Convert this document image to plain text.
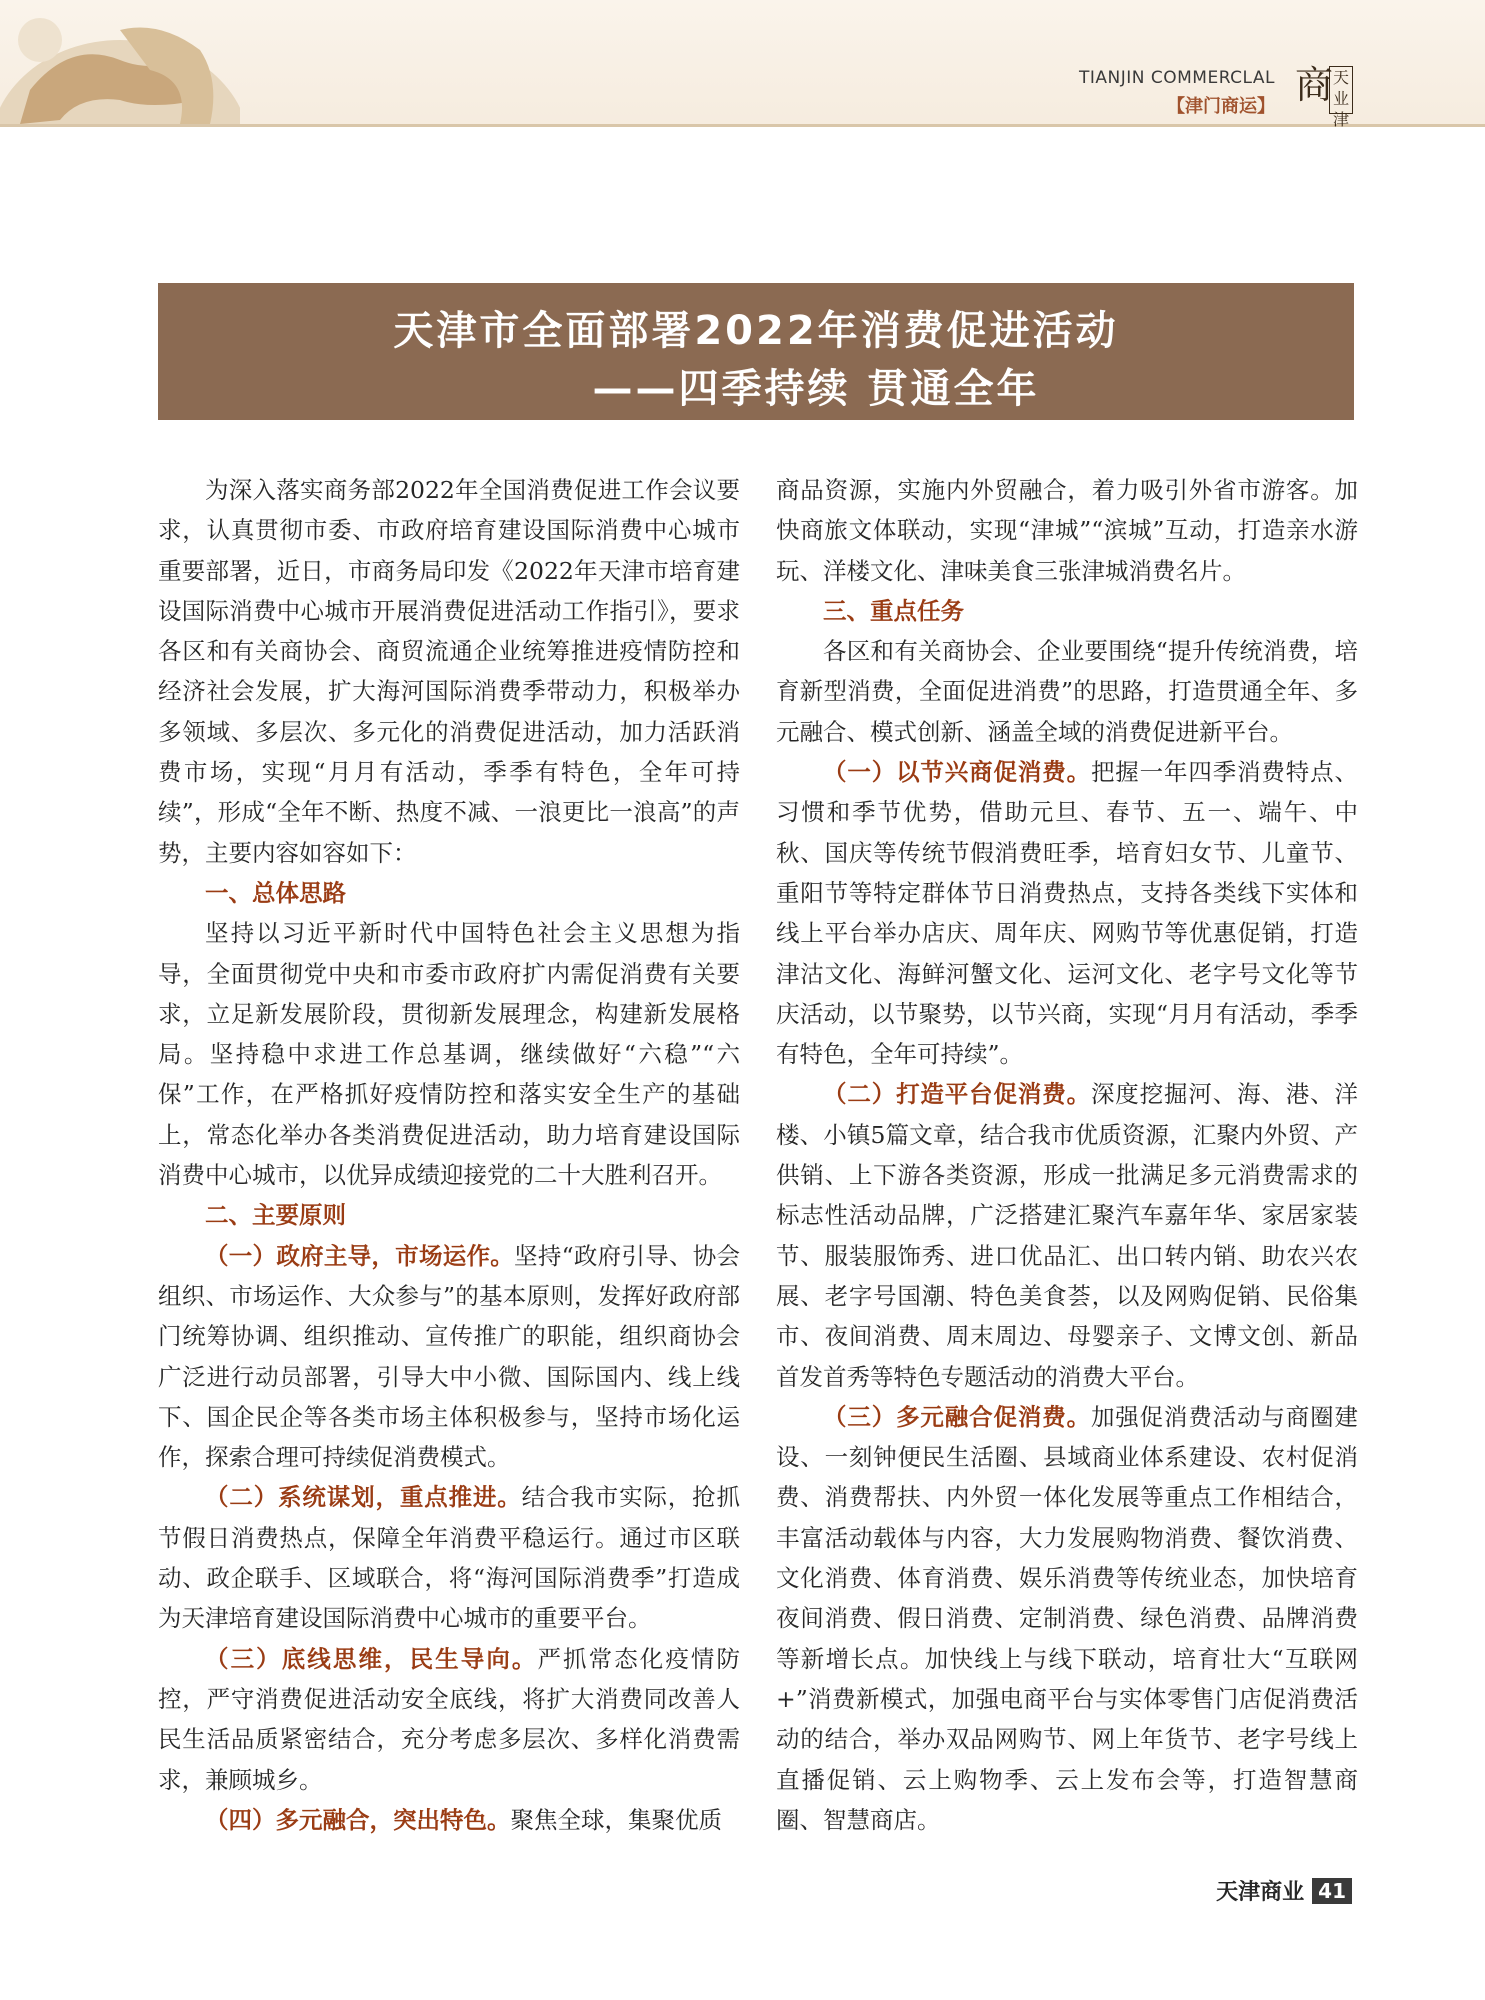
TIANJIN COMMERCLAL
【津门商运】 商 天
业津
天津市全面部署2022年消费促进活动
——四季持续 贯通全年

为深入落实商务部2022年全国消费促进工作会议要求，认真贯彻市委、市政府培育建设国际消费中心城市重要部署，近日，市商务局印发《2022年天津市培育建设国际消费中心城市开展消费促进活动工作指引》，要求各区和有关商协会、商贸流通企业统筹推进疫情防控和经济社会发展，扩大海河国际消费季带动力，积极举办多领域、多层次、多元化的消费促进活动，加力活跃消费市场，实现“月月有活动，季季有特色，全年可持续”，形成“全年不断、热度不减、一浪更比一浪高”的声势，主要内容如容如下：

一、总体思路

坚持以习近平新时代中国特色社会主义思想为指导，全面贯彻党中央和市委市政府扩内需促消费有关要求，立足新发展阶段，贯彻新发展理念，构建新发展格局。坚持稳中求进工作总基调，继续做好“六稳”“六保”工作，在严格抓好疫情防控和落实安全生产的基础上，常态化举办各类消费促进活动，助力培育建设国际消费中心城市，以优异成绩迎接党的二十大胜利召开。

二、主要原则

（一）政府主导，市场运作。坚持“政府引导、协会组织、市场运作、大众参与”的基本原则，发挥好政府部门统筹协调、组织推动、宣传推广的职能，组织商协会广泛进行动员部署，引导大中小微、国际国内、线上线下、国企民企等各类市场主体积极参与，坚持市场化运作，探索合理可持续促消费模式。

（二）系统谋划，重点推进。结合我市实际，抢抓节假日消费热点，保障全年消费平稳运行。通过市区联动、政企联手、区域联合，将“海河国际消费季”打造成为天津培育建设国际消费中心城市的重要平台。

（三）底线思维，民生导向。严抓常态化疫情防控，严守消费促进活动安全底线，将扩大消费同改善人民生活品质紧密结合，充分考虑多层次、多样化消费需求，兼顾城乡。

（四）多元融合，突出特色。聚焦全球，集聚优质

商品资源，实施内外贸融合，着力吸引外省市游客。加快商旅文体联动，实现“津城”“滨城”互动，打造亲水游玩、洋楼文化、津味美食三张津城消费名片。

三、重点任务

各区和有关商协会、企业要围绕“提升传统消费，培育新型消费，全面促进消费”的思路，打造贯通全年、多元融合、模式创新、涵盖全域的消费促进新平台。

（一）以节兴商促消费。把握一年四季消费特点、习惯和季节优势，借助元旦、春节、五一、端午、中秋、国庆等传统节假消费旺季，培育妇女节、儿童节、重阳节等特定群体节日消费热点，支持各类线下实体和线上平台举办店庆、周年庆、网购节等优惠促销，打造津沽文化、海鲜河蟹文化、运河文化、老字号文化等节庆活动，以节聚势，以节兴商，实现“月月有活动，季季有特色，全年可持续”。

（二）打造平台促消费。深度挖掘河、海、港、洋楼、小镇5篇文章，结合我市优质资源，汇聚内外贸、产供销、上下游各类资源，形成一批满足多元消费需求的标志性活动品牌，广泛搭建汇聚汽车嘉年华、家居家装节、服装服饰秀、进口优品汇、出口转内销、助农兴农展、老字号国潮、特色美食荟，以及网购促销、民俗集市、夜间消费、周末周边、母婴亲子、文博文创、新品首发首秀等特色专题活动的消费大平台。

（三）多元融合促消费。加强促消费活动与商圈建设、一刻钟便民生活圈、县域商业体系建设、农村促消费、消费帮扶、内外贸一体化发展等重点工作相结合，丰富活动载体与内容，大力发展购物消费、餐饮消费、文化消费、体育消费、娱乐消费等传统业态，加快培育夜间消费、假日消费、定制消费、绿色消费、品牌消费等新增长点。加快线上与线下联动，培育壮大“互联网+”消费新模式，加强电商平台与实体零售门店促消费活动的结合，举办双品网购节、网上年货节、老字号线上直播促销、云上购物季、云上发布会等，打造智慧商圈、智慧商店。

天津商业 41
